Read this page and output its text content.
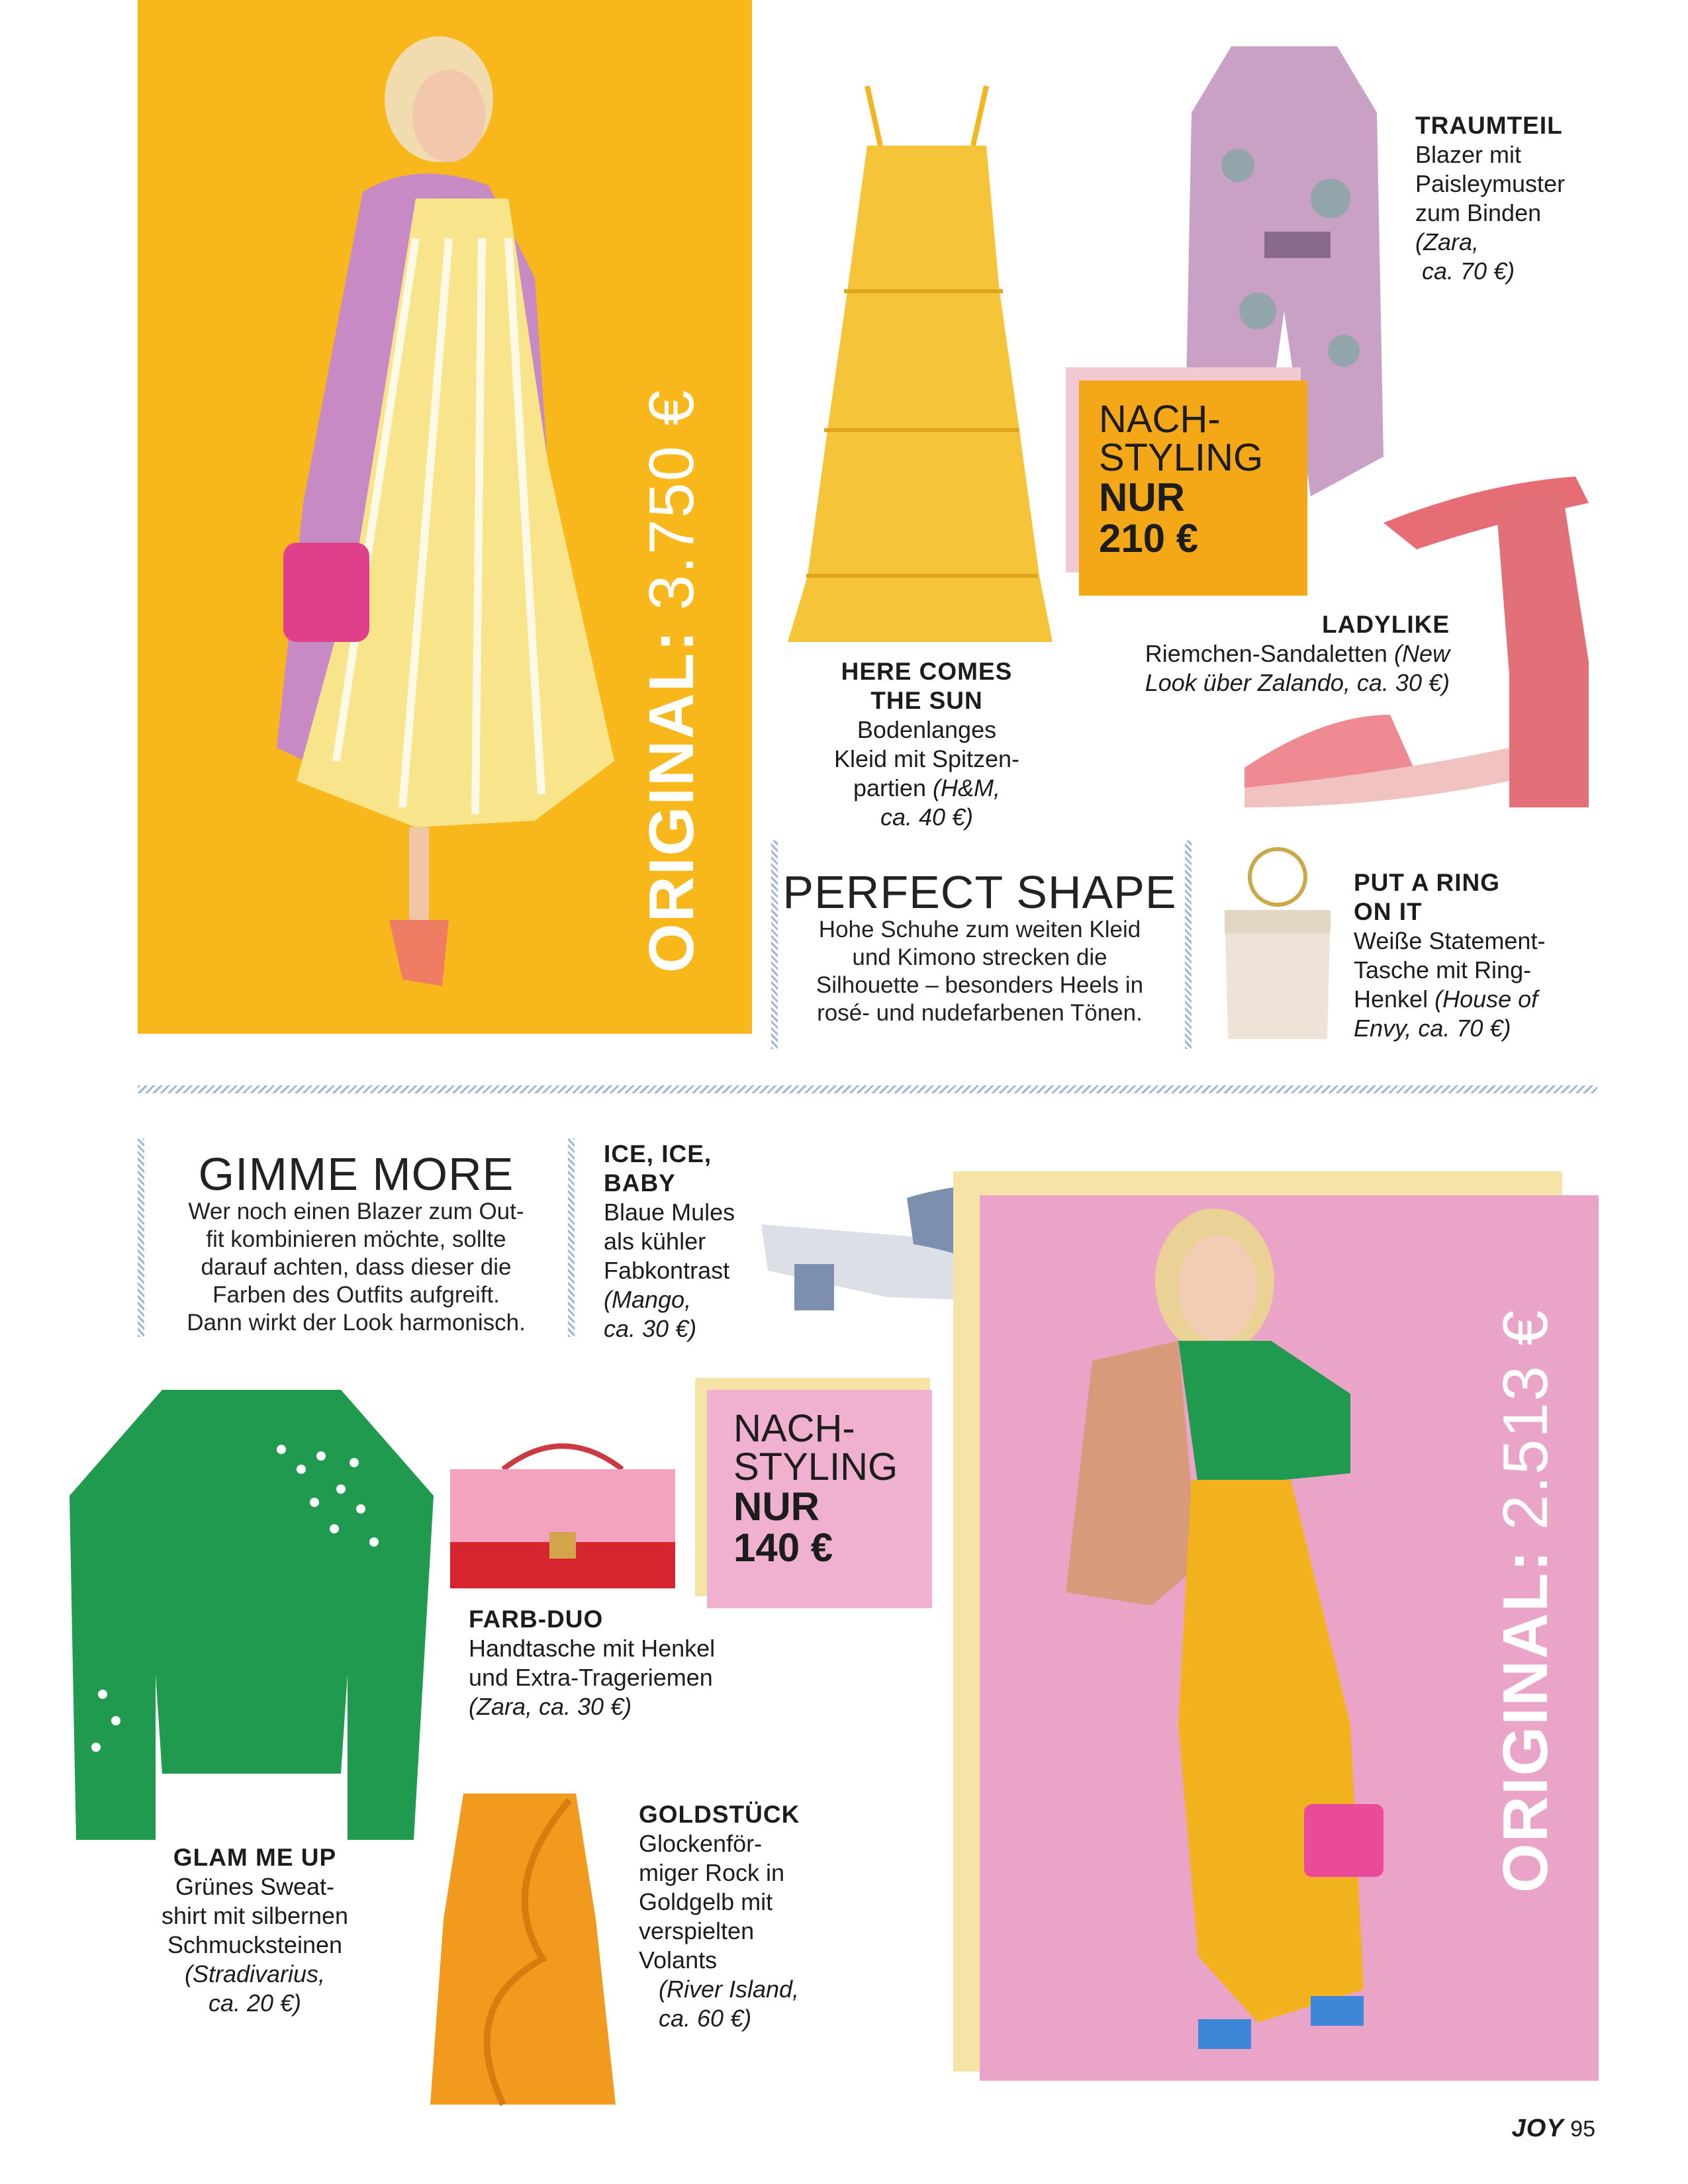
ORIGINAL: 3.750 €
TRAUMTEIL
Blazer mit
Paisleymuster
zum Binden
(Zara,
ca. 70 €)
NACH-
STYLING
NUR
210 €
LADYLIKE
Riemchen-Sandaletten (New
Look über Zalando, ca. 30 €)
HERE COMES
THE SUN
Bodenlanges
Kleid mit Spitzen-
partien (H&M,
ca. 40 €)
PERFECT SHAPE
Hohe Schuhe zum weiten Kleid
und Kimono strecken die
Silhouette – besonders Heels in
rosé- und nudefarbenen Tönen.
PUT A RING
ON IT
Weiße Statement-
Tasche mit Ring-
Henkel (House of
Envy, ca. 70 €)
GIMME MORE
Wer noch einen Blazer zum Out-
fit kombinieren möchte, sollte
darauf achten, dass dieser die
Farben des Outfits aufgreift.
Dann wirkt der Look harmonisch.
ICE, ICE,
BABY
Blaue Mules
als kühler
Fabkontrast
(Mango,
ca. 30 €)
ORIGINAL: 2.513 €
NACH-
STYLING
NUR
140 €
FARB-DUO
Handtasche mit Henkel
und Extra-Trageriemen
(Zara, ca. 30 €)
GLAM ME UP
Grünes Sweat-
shirt mit silbernen
Schmucksteinen
(Stradivarius,
ca. 20 €)
GOLDSTÜCK
Glockenför-
miger Rock in
Goldgelb mit
verspielten
Volants
(River Island,
ca. 60 €)
JOY 95
